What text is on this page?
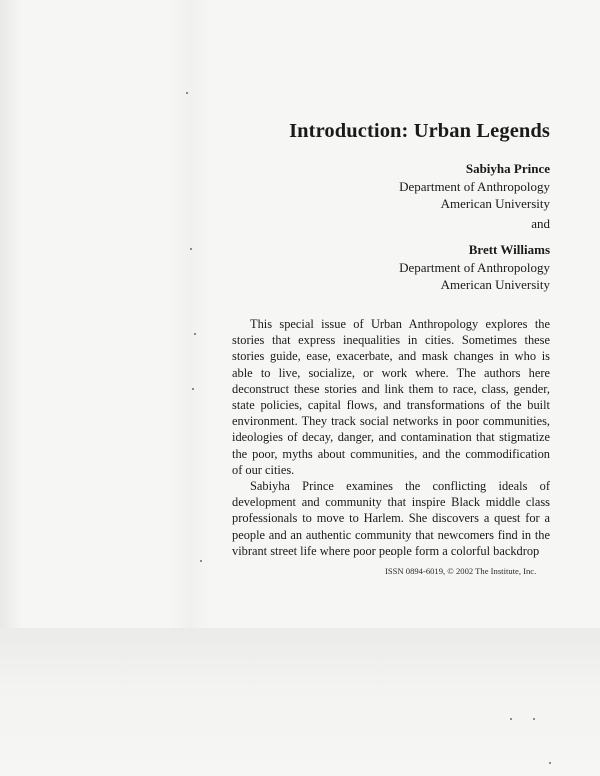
Introduction: Urban Legends
Sabiyha Prince
Department of Anthropology
American University
and
Brett Williams
Department of Anthropology
American University

This special issue of Urban Anthropology explores the stories that express inequalities in cities. Sometimes these stories guide, ease, exacerbate, and mask changes in who is able to live, socialize, or work where. The authors here deconstruct these stories and link them to race, class, gender, state policies, capital flows, and transformations of the built environment. They track social networks in poor communities, ideologies of decay, danger, and contamination that stigmatize the poor, myths about communities, and the commodification of our cities.

Sabiyha Prince examines the conflicting ideals of development and community that inspire Black middle class professionals to move to Harlem. She discovers a quest for a people and an authentic community that newcomers find in the vibrant street life where poor people form a colorful backdrop

ISSN 0894-6019, © 2002 The Institute, Inc.
